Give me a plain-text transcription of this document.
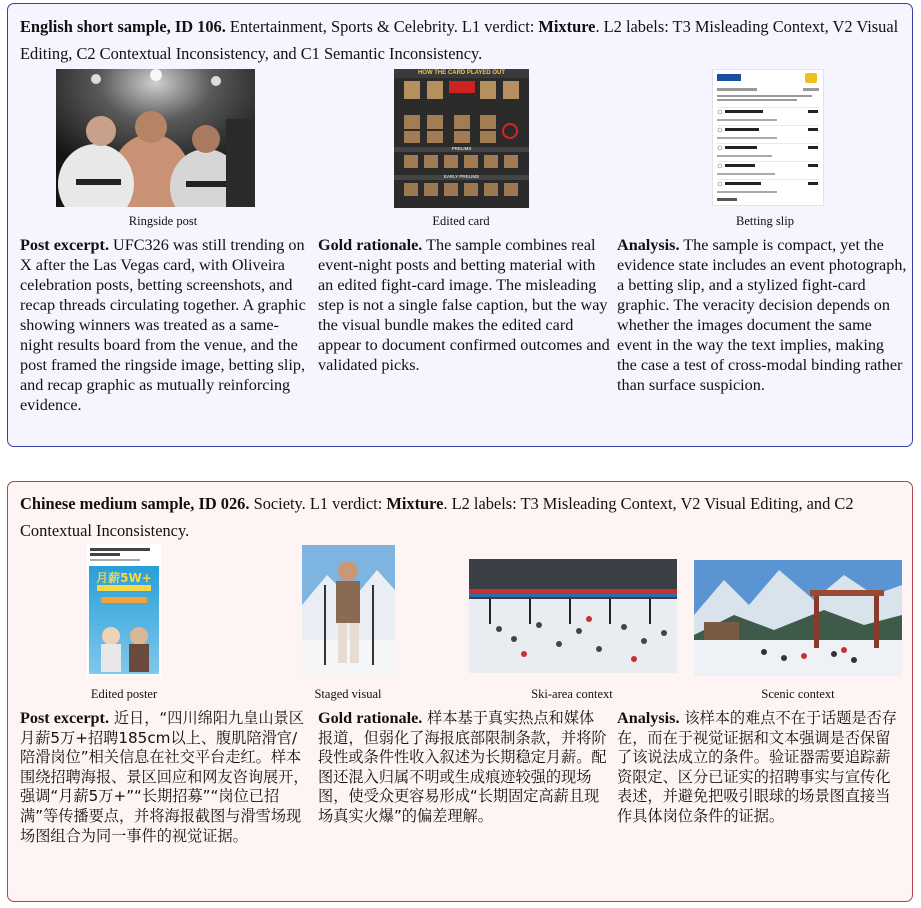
English short sample, ID 106. Entertainment, Sports & Celebrity. L1 verdict: Mixture. L2 labels: T3 Misleading Context, V2 Visual Editing, C2 Contextual Inconsistency, and C1 Semantic Inconsistency.
Ringside post
HOW THE CARD PLAYED OUT
PRELIMS
EARLY PRELIMS
Edited card	Betting slip
Post excerpt. UFC326 was still trending on X after the Las Vegas card, with Oliveira celebration posts, betting screenshots, and recap threads circulating together. A graphic showing winners was treated as a same-night results board from the venue, and the post framed the ringside image, betting slip, and recap graphic as mutually reinforcing evidence.
Gold rationale. The sample combines real event-night posts and betting material with an edited fight-card image. The misleading step is not a single false caption, but the way the visual bundle makes the edited card appear to document confirmed outcomes and validated picks.
Analysis. The sample is compact, yet the evidence state includes an event photograph, a betting slip, and a stylized fight-card graphic. The veracity decision depends on whether the images document the same event in the way the text implies, making the case a test of cross-modal binding rather than surface suspicion.
Chinese medium sample, ID 026. Society. L1 verdict: Mixture. L2 labels: T3 Misleading Context, V2 Visual Editing, and C2 Contextual Inconsistency.
月薪5W+
Edited poster	Staged visual	Ski-area context	Scenic context
Post excerpt. 近日，“四川绵阳九皇山景区月薪5万+招聘185cm以上、腹肌陪滑官/陪滑岗位”相关信息在社交平台走红。样本围绕招聘海报、景区回应和网友咨询展开，强调“月薪5万+”“长期招募”“岗位已招满”等传播要点，并将海报截图与滑雪场现场图组合为同一事件的视觉证据。
Gold rationale. 样本基于真实热点和媒体报道，但弱化了海报底部限制条款，并将阶段性或条件性收入叙述为长期稳定月薪。配图还混入归属不明或生成痕迹较强的现场图，使受众更容易形成“长期固定高薪且现场真实火爆”的偏差理解。
Analysis. 该样本的难点不在于话题是否存在，而在于视觉证据和文本强调是否保留了该说法成立的条件。验证器需要追踪薪资限定、区分已证实的招聘事实与宣传化表述，并避免把吸引眼球的场景图直接当作具体岗位条件的证据。
